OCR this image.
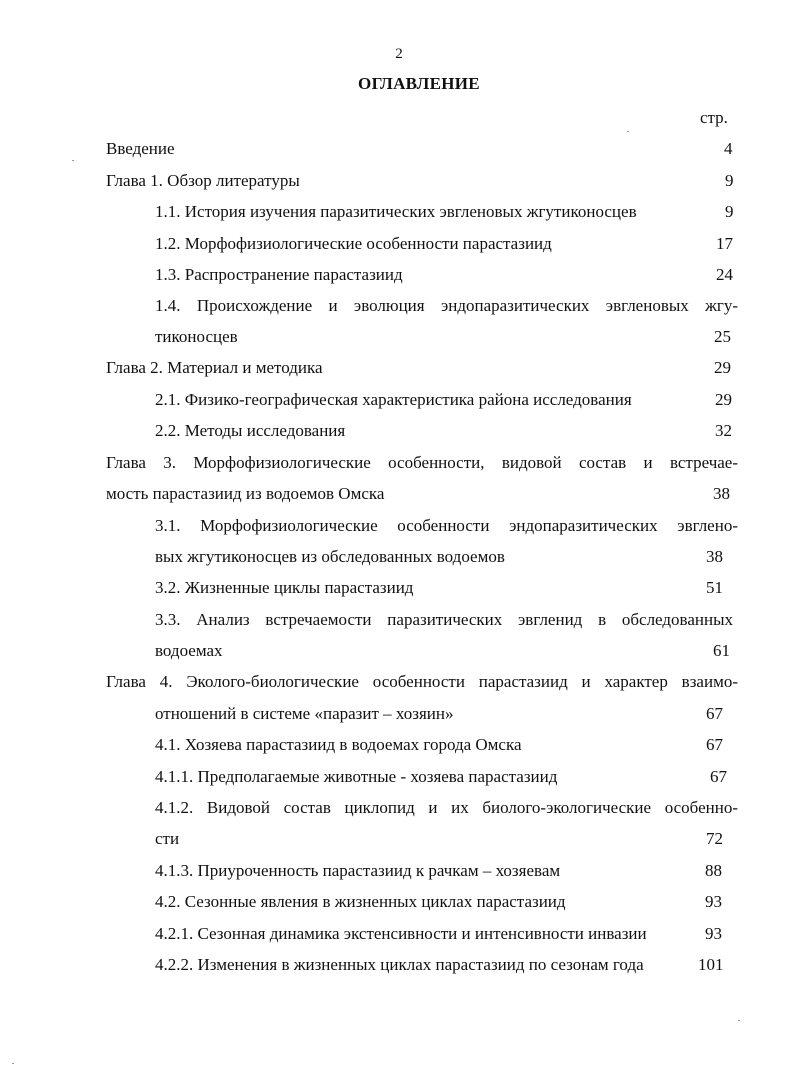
2
ОГЛАВЛЕНИЕ
стр.
Введение	4
Глава 1. Обзор литературы	9
1.1. История изучения паразитических эвгленовых жгутиконосцев	9
1.2. Морфофизиологические особенности парастазиид	17
1.3. Распространение парастазиид	24
1.4. Происхождение и эволюция эндопаразитических эвгленовых жгу-
тиконосцев	25
Глава 2. Материал и методика	29
2.1. Физико-географическая характеристика района исследования	29
2.2. Методы исследования	32
Глава 3. Морфофизиологические особенности, видовой состав и встречае-
мость парастазиид из водоемов Омска	38
3.1. Морфофизиологические особенности эндопаразитических эвглено-
вых жгутиконосцев из обследованных водоемов	38
3.2. Жизненные циклы парастазиид	51
3.3. Анализ встречаемости паразитических эвгленид в обследованных
водоемах	61
Глава 4. Эколого-биологические особенности парастазиид и характер взаимо-
отношений в системе «паразит – хозяин»	67
4.1. Хозяева парастазиид в водоемах города Омска	67
4.1.1. Предполагаемые животные - хозяева парастазиид	67
4.1.2. Видовой состав циклопид и их биолого-экологические особенно-
сти	72
4.1.3. Приуроченность парастазиид к рачкам – хозяевам	88
4.2. Сезонные явления в жизненных циклах парастазиид	93
4.2.1. Сезонная динамика экстенсивности и интенсивности инвазии	93
4.2.2. Изменения в жизненных циклах парастазиид по сезонам года	101
